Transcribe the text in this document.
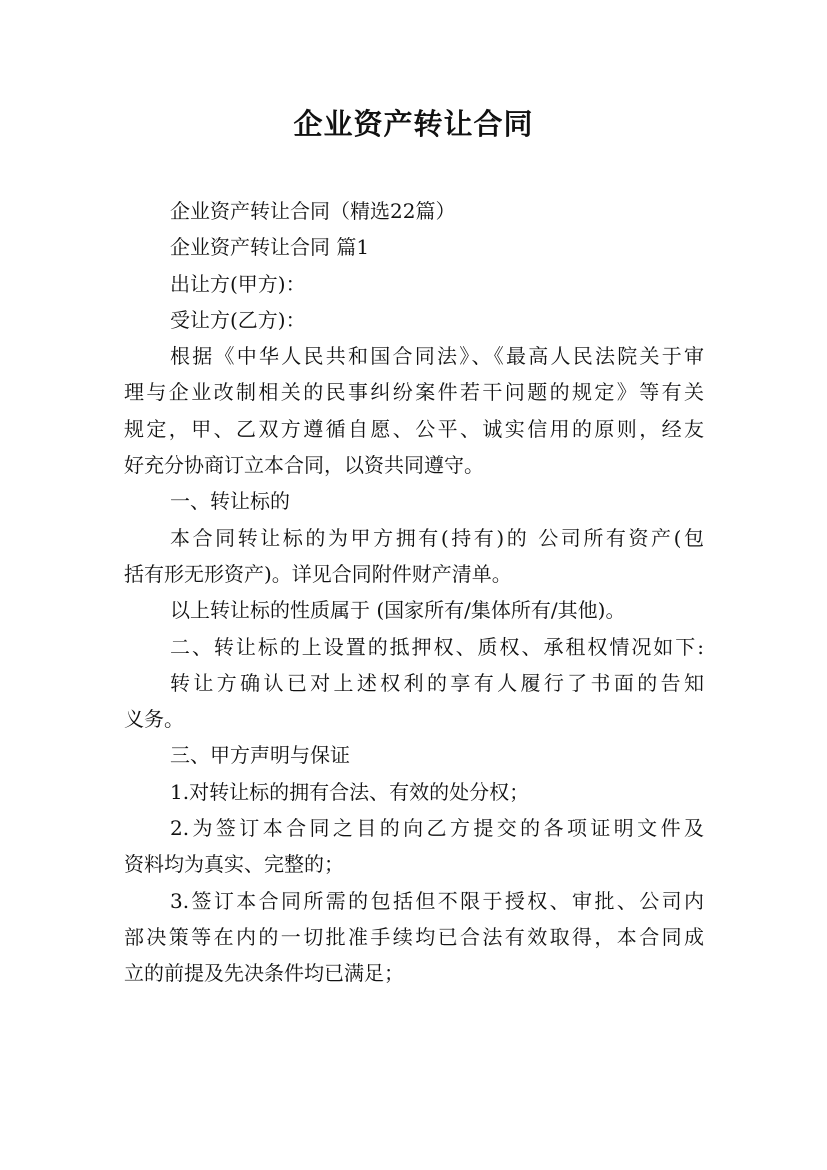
企业资产转让合同
企业资产转让合同（精选22篇）
企业资产转让合同 篇1
出让方(甲方)：
受让方(乙方)：
根据《中华人民共和国合同法》、《最高人民法院关于审
理与企业改制相关的民事纠纷案件若干问题的规定》等有关
规定，甲、乙双方遵循自愿、公平、诚实信用的原则，经友
好充分协商订立本合同，以资共同遵守。
一、转让标的
本合同转让标的为甲方拥有(持有)的 公司所有资产(包
括有形无形资产)。详见合同附件财产清单。
以上转让标的性质属于 (国家所有/集体所有/其他)。
二、转让标的上设置的抵押权、质权、承租权情况如下:
转让方确认已对上述权利的享有人履行了书面的告知
义务。
三、甲方声明与保证
1.对转让标的拥有合法、有效的处分权；
2.为签订本合同之目的向乙方提交的各项证明文件及
资料均为真实、完整的；
3.签订本合同所需的包括但不限于授权、审批、公司内
部决策等在内的一切批准手续均已合法有效取得，本合同成
立的前提及先决条件均已满足；
